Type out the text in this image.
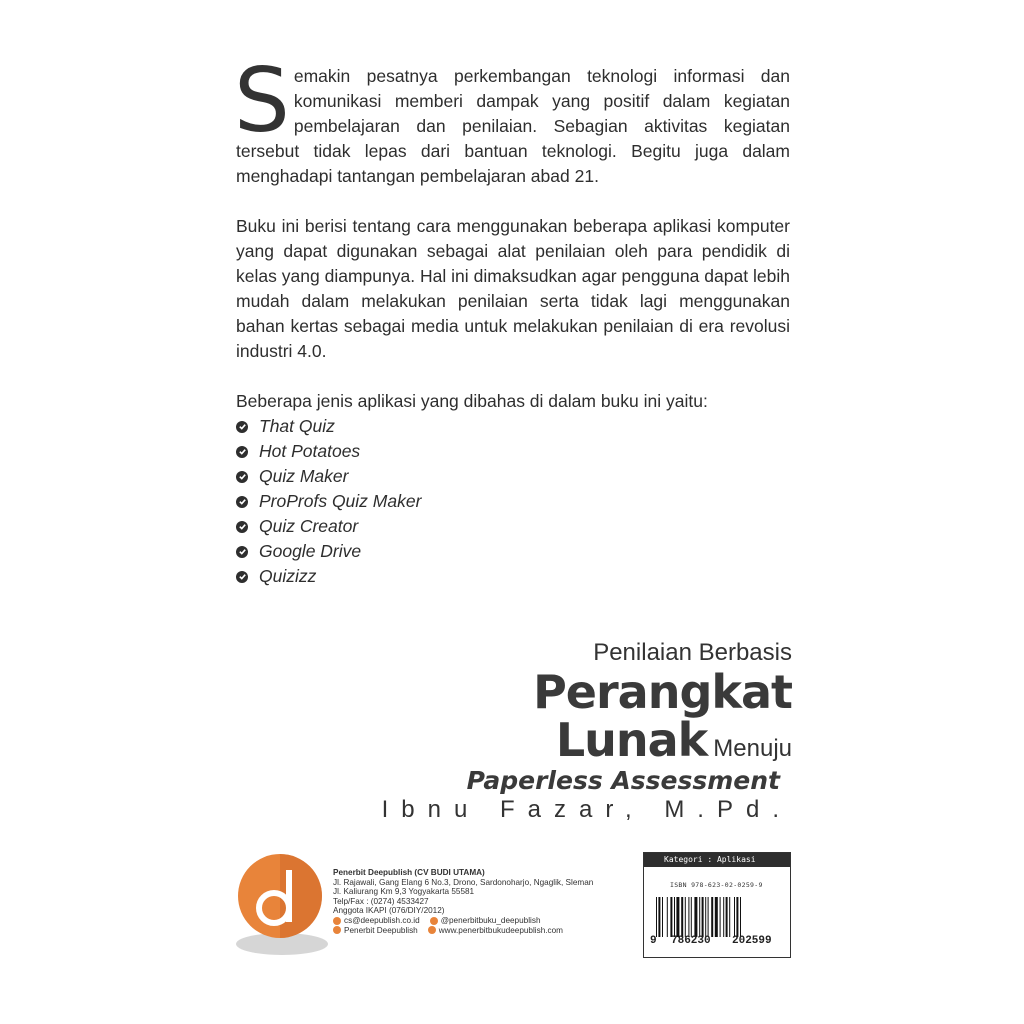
Semakin pesatnya perkembangan teknologi informasi dan komunikasi memberi dampak yang positif dalam kegiatan pembelajaran dan penilaian. Sebagian aktivitas kegiatan tersebut tidak lepas dari bantuan teknologi. Begitu juga dalam menghadapi tantangan pembelajaran abad 21.

Buku ini berisi tentang cara menggunakan beberapa aplikasi komputer yang dapat digunakan sebagai alat penilaian oleh para pendidik di kelas yang diampunya. Hal ini dimaksudkan agar pengguna dapat lebih mudah dalam melakukan penilaian serta tidak lagi menggunakan bahan kertas sebagai media untuk melakukan penilaian di era revolusi industri 4.0.

Beberapa jenis aplikasi yang dibahas di dalam buku ini yaitu:

That Quiz
Hot Potatoes
Quiz Maker
ProProfs Quiz Maker
Quiz Creator
Google Drive
Quizizz
Penilaian Berbasis
Perangkat
Lunak Menuju
Paperless Assessment
Ibnu Fazar, M.Pd.
Penerbit Deepublish (CV BUDI UTAMA)
Jl. Rajawali, Gang Elang 6 No.3, Drono, Sardonoharjo, Ngaglik, Sleman
Jl. Kaliurang Km 9,3 Yogyakarta 55581
Telp/Fax : (0274) 4533427
Anggota IKAPI (076/DIY/2012)
cs@deepublish.co.id	@penerbitbuku_deepublish
Penerbit Deepublish	www.penerbitbukudeepublish.com
Kategori : Aplikasi
ISBN 978-623-02-0259-9
9 786230 202599
